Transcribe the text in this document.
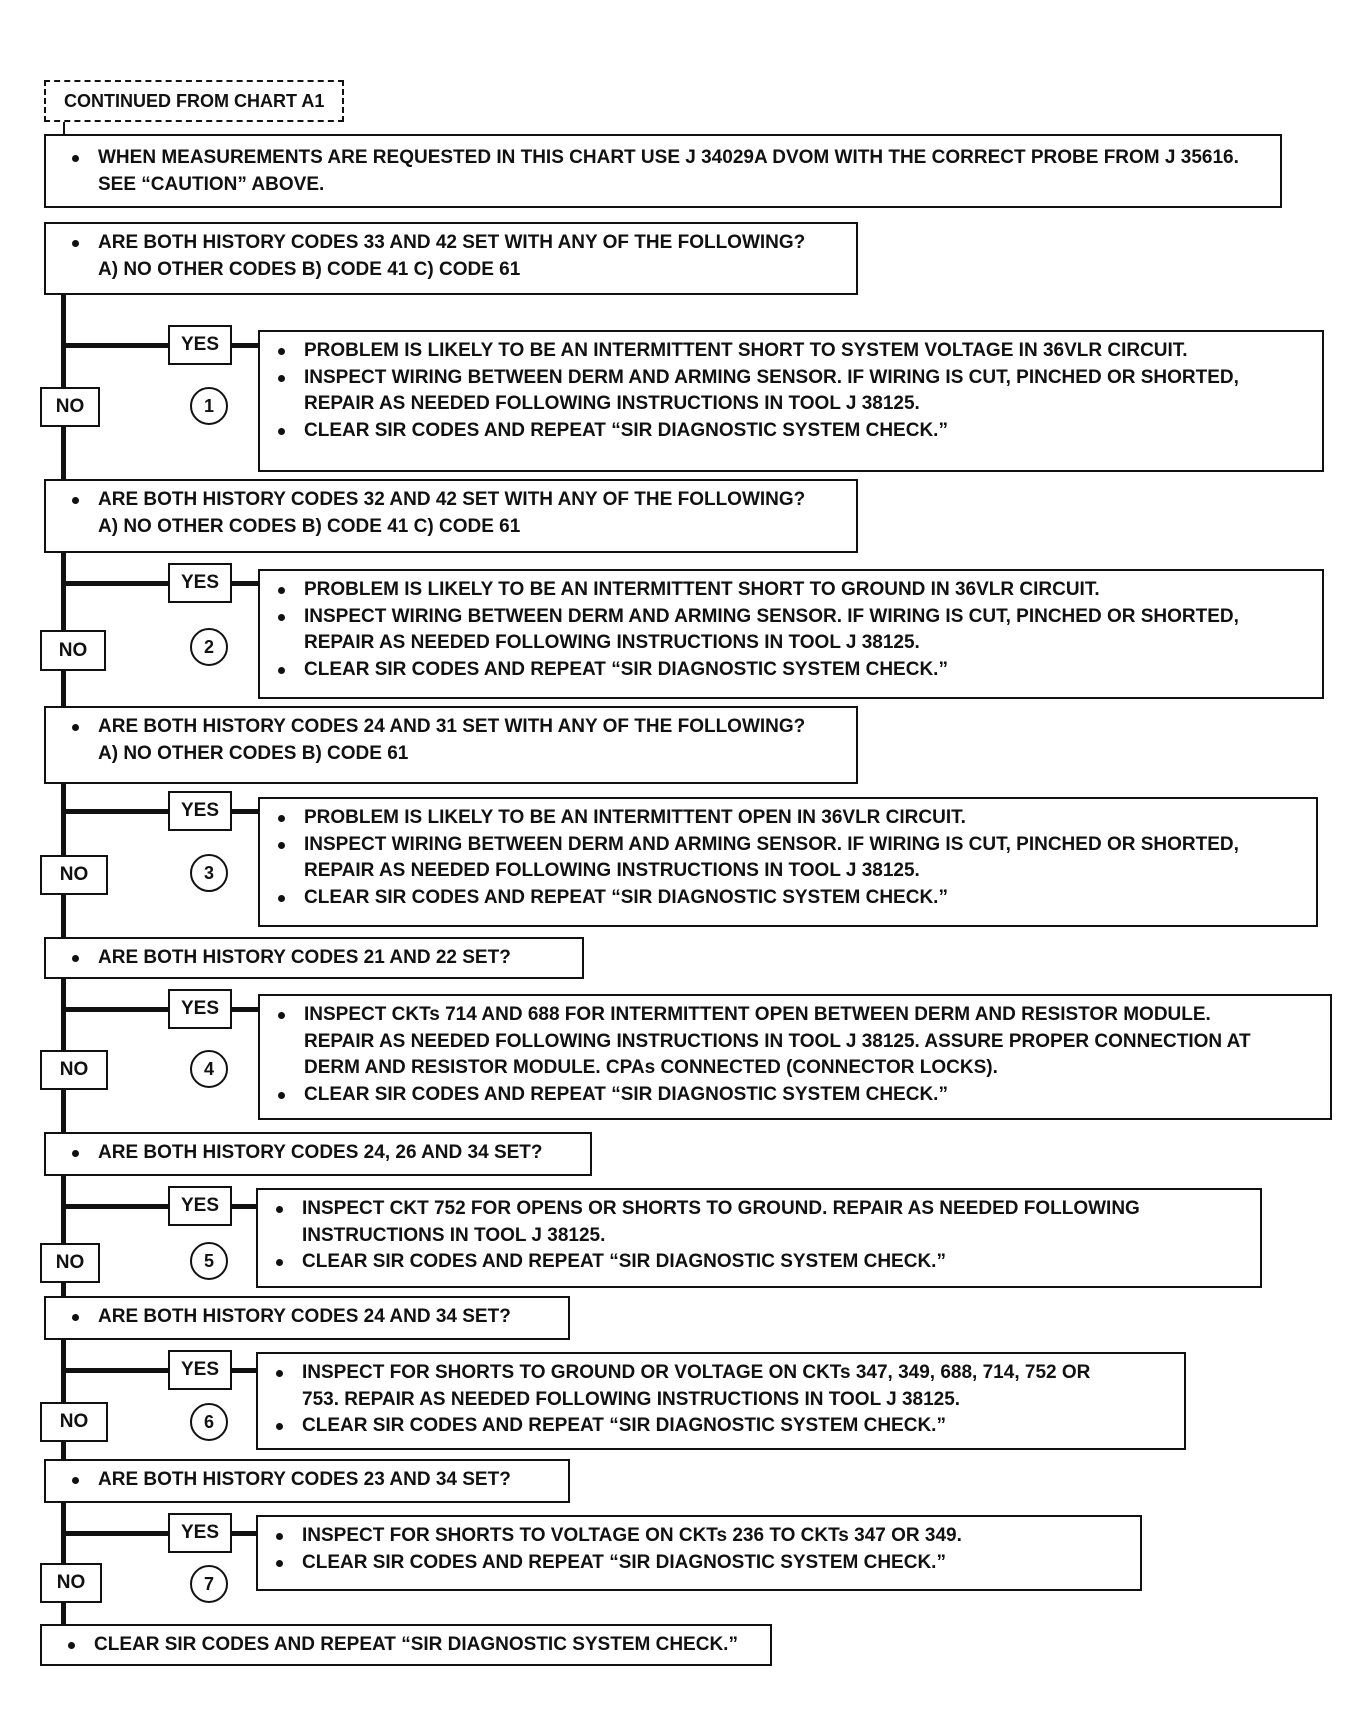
CONTINUED FROM CHART A1
WHEN MEASUREMENTS ARE REQUESTED IN THIS CHART USE J 34029A DVOM WITH THE CORRECT PROBE FROM J 35616.
SEE “CAUTION” ABOVE.
ARE BOTH HISTORY CODES 33 AND 42 SET WITH ANY OF THE FOLLOWING?
A) NO OTHER CODES B) CODE 41 C) CODE 61
YES	PROBLEM IS LIKELY TO BE AN INTERMITTENT SHORT TO SYSTEM VOLTAGE IN 36VLR CIRCUIT.
INSPECT WIRING BETWEEN DERM AND ARMING SENSOR. IF WIRING IS CUT, PINCHED OR SHORTED,
REPAIR AS NEEDED FOLLOWING INSTRUCTIONS IN TOOL J 38125.
CLEAR SIR CODES AND REPEAT “SIR DIAGNOSTIC SYSTEM CHECK.”
NO	1
ARE BOTH HISTORY CODES 32 AND 42 SET WITH ANY OF THE FOLLOWING?
A) NO OTHER CODES B) CODE 41 C) CODE 61
YES	PROBLEM IS LIKELY TO BE AN INTERMITTENT SHORT TO GROUND IN 36VLR CIRCUIT.
INSPECT WIRING BETWEEN DERM AND ARMING SENSOR. IF WIRING IS CUT, PINCHED OR SHORTED,
REPAIR AS NEEDED FOLLOWING INSTRUCTIONS IN TOOL J 38125.
CLEAR SIR CODES AND REPEAT “SIR DIAGNOSTIC SYSTEM CHECK.”
NO	2
ARE BOTH HISTORY CODES 24 AND 31 SET WITH ANY OF THE FOLLOWING?
A) NO OTHER CODES B) CODE 61
YES	PROBLEM IS LIKELY TO BE AN INTERMITTENT OPEN IN 36VLR CIRCUIT.
INSPECT WIRING BETWEEN DERM AND ARMING SENSOR. IF WIRING IS CUT, PINCHED OR SHORTED,
REPAIR AS NEEDED FOLLOWING INSTRUCTIONS IN TOOL J 38125.
CLEAR SIR CODES AND REPEAT “SIR DIAGNOSTIC SYSTEM CHECK.”
NO	3
ARE BOTH HISTORY CODES 21 AND 22 SET?
YES	INSPECT CKTs 714 AND 688 FOR INTERMITTENT OPEN BETWEEN DERM AND RESISTOR MODULE.
REPAIR AS NEEDED FOLLOWING INSTRUCTIONS IN TOOL J 38125. ASSURE PROPER CONNECTION AT
DERM AND RESISTOR MODULE. CPAs CONNECTED (CONNECTOR LOCKS).
CLEAR SIR CODES AND REPEAT “SIR DIAGNOSTIC SYSTEM CHECK.”
NO	4
ARE BOTH HISTORY CODES 24, 26 AND 34 SET?
YES	INSPECT CKT 752 FOR OPENS OR SHORTS TO GROUND. REPAIR AS NEEDED FOLLOWING
INSTRUCTIONS IN TOOL J 38125.
CLEAR SIR CODES AND REPEAT “SIR DIAGNOSTIC SYSTEM CHECK.”
NO	5
ARE BOTH HISTORY CODES 24 AND 34 SET?
YES	INSPECT FOR SHORTS TO GROUND OR VOLTAGE ON CKTs 347, 349, 688, 714, 752 OR
753. REPAIR AS NEEDED FOLLOWING INSTRUCTIONS IN TOOL J 38125.
CLEAR SIR CODES AND REPEAT “SIR DIAGNOSTIC SYSTEM CHECK.”
NO	6
ARE BOTH HISTORY CODES 23 AND 34 SET?
YES	INSPECT FOR SHORTS TO VOLTAGE ON CKTs 236 TO CKTs 347 OR 349.
CLEAR SIR CODES AND REPEAT “SIR DIAGNOSTIC SYSTEM CHECK.”
NO	7
CLEAR SIR CODES AND REPEAT “SIR DIAGNOSTIC SYSTEM CHECK.”
